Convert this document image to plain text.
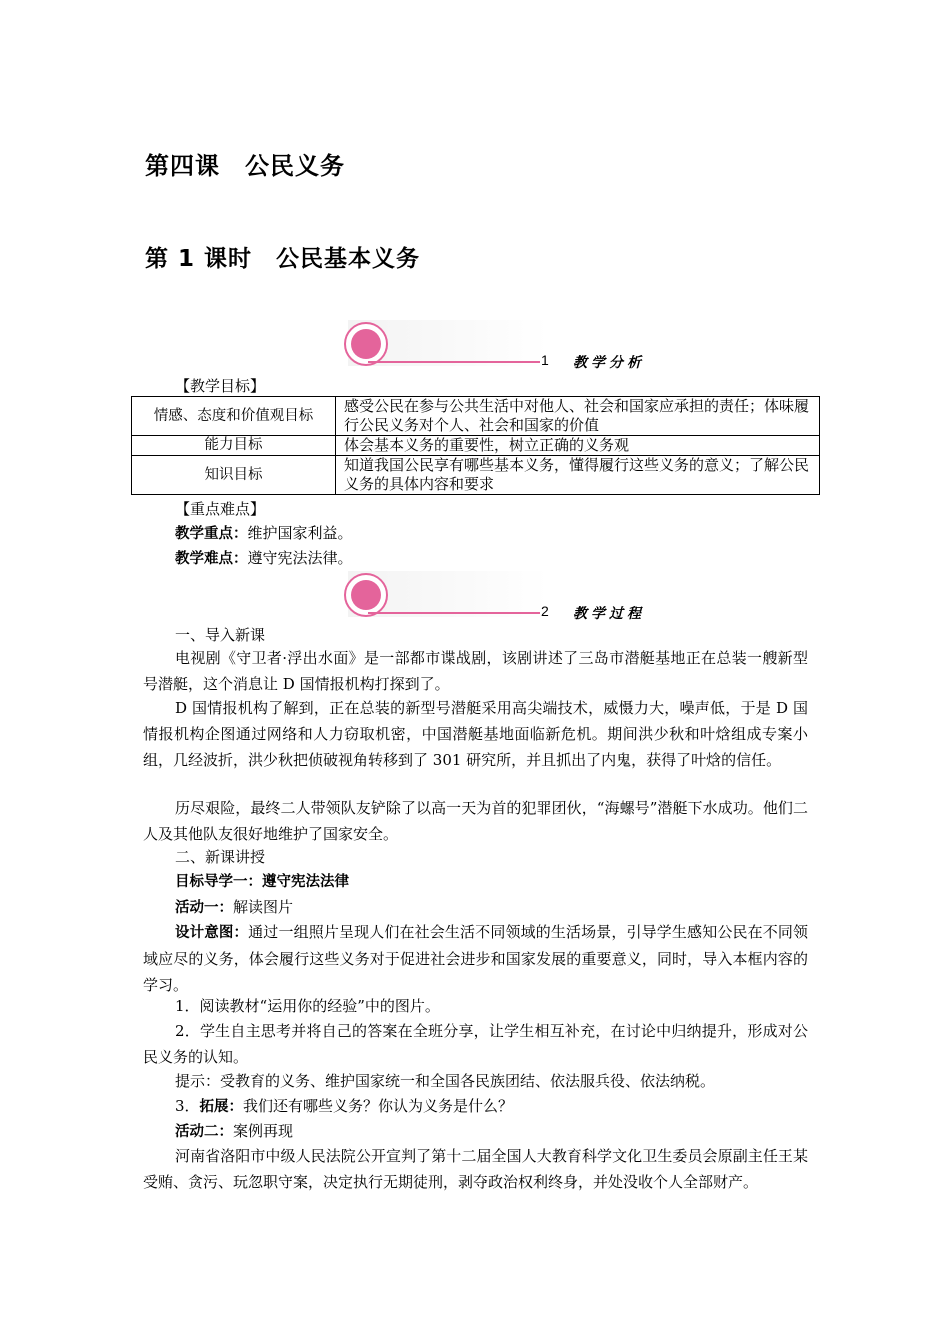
第四课　公民义务
第 1 课时　公民基本义务
1 教学分析
【教学目标】
情感、态度和价值观目标	感受公民在参与公共生活中对他人、社会和国家应承担的责任；体味履行公民义务对个人、社会和国家的价值
能力目标	体会基本义务的重要性，树立正确的义务观
知识目标	知道我国公民享有哪些基本义务，懂得履行这些义务的意义；了解公民义务的具体内容和要求
【重点难点】

教学重点：维护国家利益。

教学难点：遵守宪法法律。

2 教学过程

一、导入新课

电视剧《守卫者·浮出水面》是一部都市谍战剧，该剧讲述了三岛市潜艇基地正在总装一艘新型号潜艇，这个消息让 D 国情报机构打探到了。

D 国情报机构了解到，正在总装的新型号潜艇采用高尖端技术，威慑力大，噪声低，于是 D 国情报机构企图通过网络和人力窃取机密，中国潜艇基地面临新危机。期间洪少秋和叶焓组成专案小组，几经波折，洪少秋把侦破视角转移到了 301 研究所，并且抓出了内鬼，获得了叶焓的信任。

历尽艰险，最终二人带领队友铲除了以高一天为首的犯罪团伙，“海螺号”潜艇下水成功。他们二人及其他队友很好地维护了国家安全。

二、新课讲授

目标导学一：遵守宪法法律

活动一：解读图片

设计意图：通过一组照片呈现人们在社会生活不同领域的生活场景，引导学生感知公民在不同领域应尽的义务，体会履行这些义务对于促进社会进步和国家发展的重要意义，同时，导入本框内容的学习。

1．阅读教材“运用你的经验”中的图片。

2．学生自主思考并将自己的答案在全班分享，让学生相互补充，在讨论中归纳提升，形成对公民义务的认知。

提示：受教育的义务、维护国家统一和全国各民族团结、依法服兵役、依法纳税。

3．拓展：我们还有哪些义务？你认为义务是什么？

活动二：案例再现

河南省洛阳市中级人民法院公开宣判了第十二届全国人大教育科学文化卫生委员会原副主任王某受贿、贪污、玩忽职守案，决定执行无期徒刑，剥夺政治权利终身，并处没收个人全部财产。
